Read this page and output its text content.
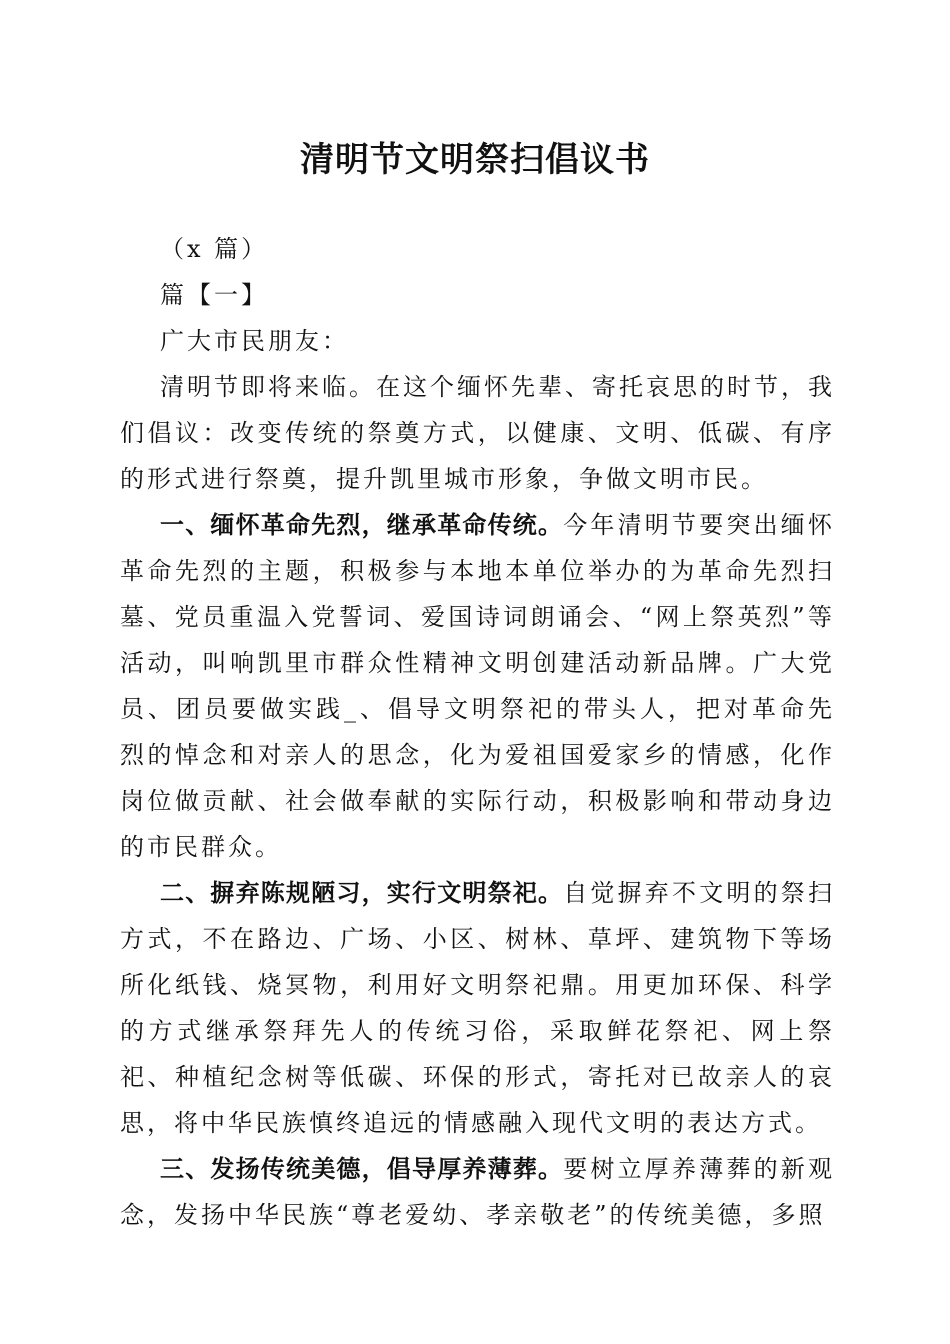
清明节文明祭扫倡议书

（x 篇）

篇【一】

广大市民朋友：

清明节即将来临。在这个缅怀先辈、寄托哀思的时节，我们倡议：改变传统的祭奠方式，以健康、文明、低碳、有序的形式进行祭奠，提升凯里城市形象，争做文明市民。

一、缅怀革命先烈，继承革命传统。今年清明节要突出缅怀革命先烈的主题，积极参与本地本单位举办的为革命先烈扫墓、党员重温入党誓词、爱国诗词朗诵会、“网上祭英烈”等活动，叫响凯里市群众性精神文明创建活动新品牌。广大党员、团员要做实践_、倡导文明祭祀的带头人，把对革命先烈的悼念和对亲人的思念，化为爱祖国爱家乡的情感，化作岗位做贡献、社会做奉献的实际行动，积极影响和带动身边的市民群众。

二、摒弃陈规陋习，实行文明祭祀。自觉摒弃不文明的祭扫方式，不在路边、广场、小区、树林、草坪、建筑物下等场所化纸钱、烧冥物，利用好文明祭祀鼎。用更加环保、科学的方式继承祭拜先人的传统习俗，采取鲜花祭祀、网上祭祀、种植纪念树等低碳、环保的形式，寄托对已故亲人的哀思，将中华民族慎终追远的情感融入现代文明的表达方式。

三、发扬传统美德，倡导厚养薄葬。要树立厚养薄葬的新观念，发扬中华民族“尊老爱幼、孝亲敬老”的传统美德，多照
